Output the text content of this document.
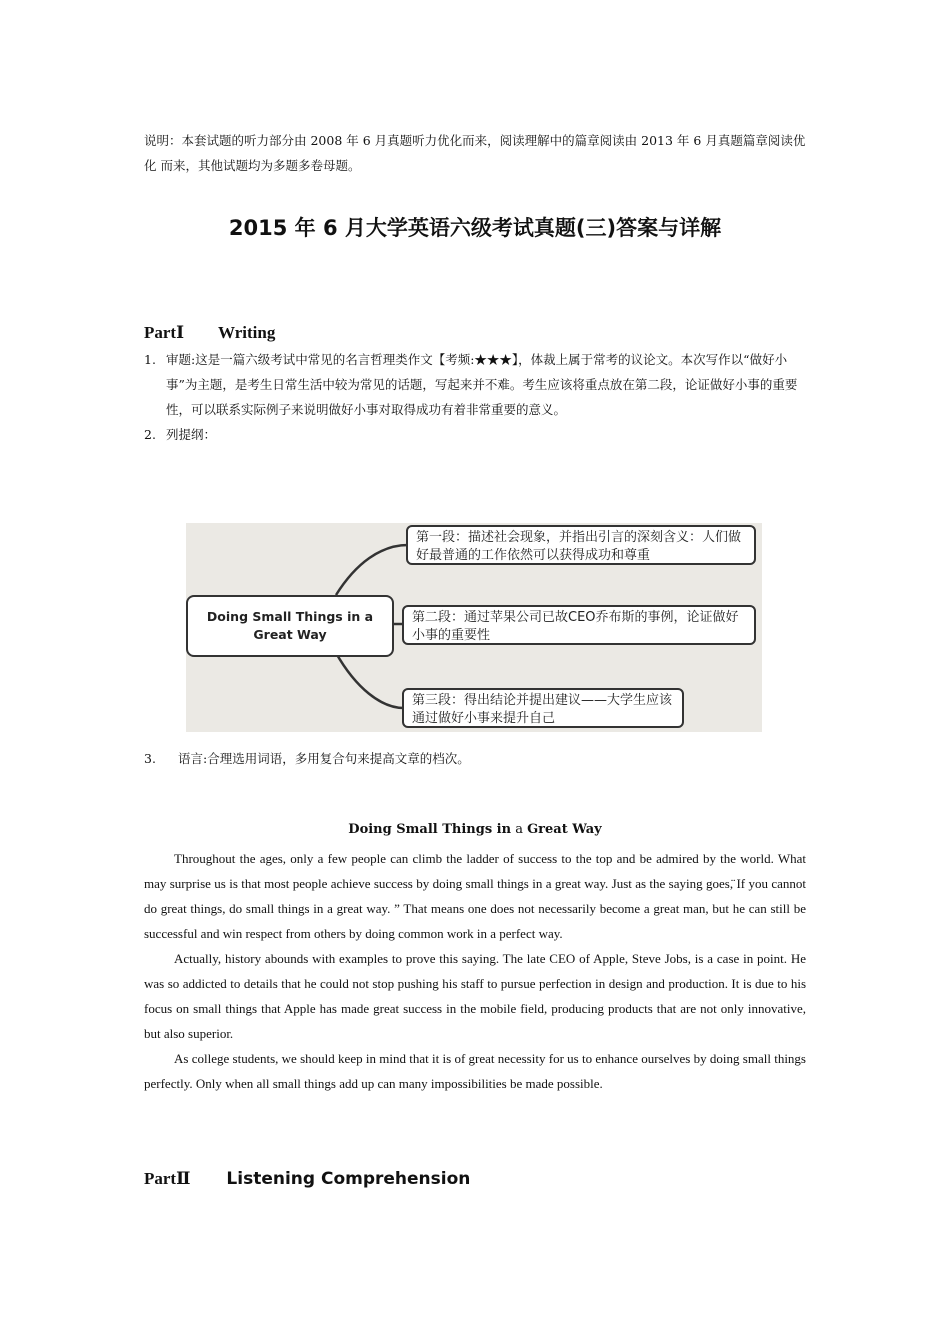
说明：本套试题的听力部分由 2008 年 6 月真题听力优化而来，阅读理解中的篇章阅读由 2013 年 6 月真题篇章阅读优化 而来，其他试题均为多题多卷母题。
2015 年 6 月大学英语六级考试真题(三)答案与详解
PartⅠ Writing
1. 审题:这是一篇六级考试中常见的名言哲理类作文【考频:★★★】，体裁上属于常考的议论文。本次写作以“做好小 事”为主题，是考生日常生活中较为常见的话题，写起来并不难。考生应该将重点放在第二段，论证做好小事的重要 性，可以联系实际例子来说明做好小事对取得成功有着非常重要的意义。
2. 列提纲：
Doing Small Things in a Great Way
第一段：描述社会现象，并指出引言的深刻含义：人们做好最普通的工作依然可以获得成功和尊重
第二段：通过苹果公司已故CEO乔布斯的事例，论证做好小事的重要性
第三段：得出结论并提出建议——大学生应该通过做好小事来提升自己
3. 语言:合理选用词语，多用复合句来提高文章的档次。
Doing Small Things in a Great Way

Throughout the ages, only a few people can climb the ladder of success to the top and be admired by the world. What may surprise us is that most people achieve success by doing small things in a great way. Just as the saying goes,̈ If you cannot do great things, do small things in a great way. ” That means one does not necessarily become a great man, but he can still be successful and win respect from others by doing common work in a perfect way.

Actually, history abounds with examples to prove this saying. The late CEO of Apple, Steve Jobs, is a case in point. He was so addicted to details that he could not stop pushing his staff to pursue perfection in design and production. It is due to his focus on small things that Apple has made great success in the mobile field, producing products that are not only innovative, but also superior.

As college students, we should keep in mind that it is of great necessity for us to enhance ourselves by doing small things perfectly. Only when all small things add up can many impossibilities be made possible.

PartⅡ Listening Comprehension
